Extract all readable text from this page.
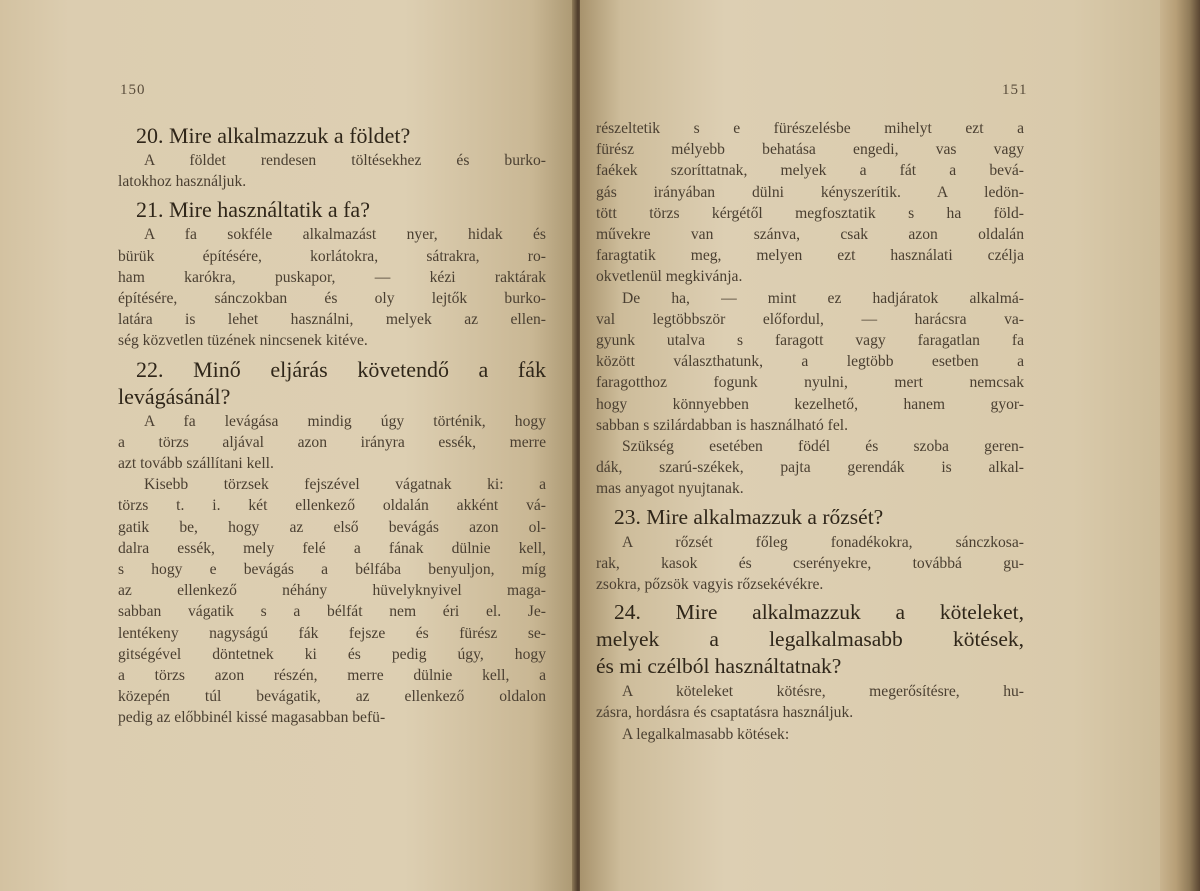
150
20. Mire alkalmazzuk a földet?
A földet rendesen töltésekhez és burko-
latokhoz használjuk.
21. Mire használtatik a fa?
A fa sokféle alkalmazást nyer, hidak és
bürük építésére, korlátokra, sátrakra, ro-
ham karókra, puskapor, — kézi raktárak
építésére, sánczokban és oly lejtők burko-
latára is lehet használni, melyek az ellen-
ség közvetlen tüzének nincsenek kitéve.
22. Minő eljárás követendő a fák
levágásánál?
A fa levágása mindig úgy történik, hogy
a törzs aljával azon irányra essék, merre
azt tovább szállítani kell.
Kisebb törzsek fejszével vágatnak ki: a
törzs t. i. két ellenkező oldalán akként vá-
gatik be, hogy az első bevágás azon ol-
dalra essék, mely felé a fának dülnie kell,
s hogy e bevágás a bélfába benyuljon, míg
az ellenkező néhány hüvelyknyivel maga-
sabban vágatik s a bélfát nem éri el. Je-
lentékeny nagyságú fák fejsze és fürész se-
gitségével döntetnek ki és pedig úgy, hogy
a törzs azon részén, merre dülnie kell, a
közepén túl bevágatik, az ellenkező oldalon
pedig az előbbinél kissé magasabban befü-
151
részeltetik s e fürészelésbe mihelyt ezt a
fürész mélyebb behatása engedi, vas vagy
faékek szoríttatnak, melyek a fát a bevá-
gás irányában dülni kényszerítik. A ledön-
tött törzs kérgétől megfosztatik s ha föld-
művekre van szánva, csak azon oldalán
faragtatik meg, melyen ezt használati czélja
okvetlenül megkivánja.
De ha, — mint ez hadjáratok alkalmá-
val legtöbbször előfordul, — harácsra va-
gyunk utalva s faragott vagy faragatlan fa
között választhatunk, a legtöbb esetben a
faragotthoz fogunk nyulni, mert nemcsak
hogy könnyebben kezelhető, hanem gyor-
sabban s szilárdabban is használható fel.
Szükség esetében födél és szoba geren-
dák, szarú-székek, pajta gerendák is alkal-
mas anyagot nyujtanak.
23. Mire alkalmazzuk a rőzsét?
A rőzsét főleg fonadékokra, sánczkosa-
rak, kasok és cserényekre, továbbá gu-
zsokra, pőzsök vagyis rőzsekévékre.
24. Mire alkalmazzuk a köteleket,
melyek a legalkalmasabb kötések,
és mi czélból használtatnak?
A köteleket kötésre, megerősítésre, hu-
zásra, hordásra és csaptatásra használjuk.
A legalkalmasabb kötések:
